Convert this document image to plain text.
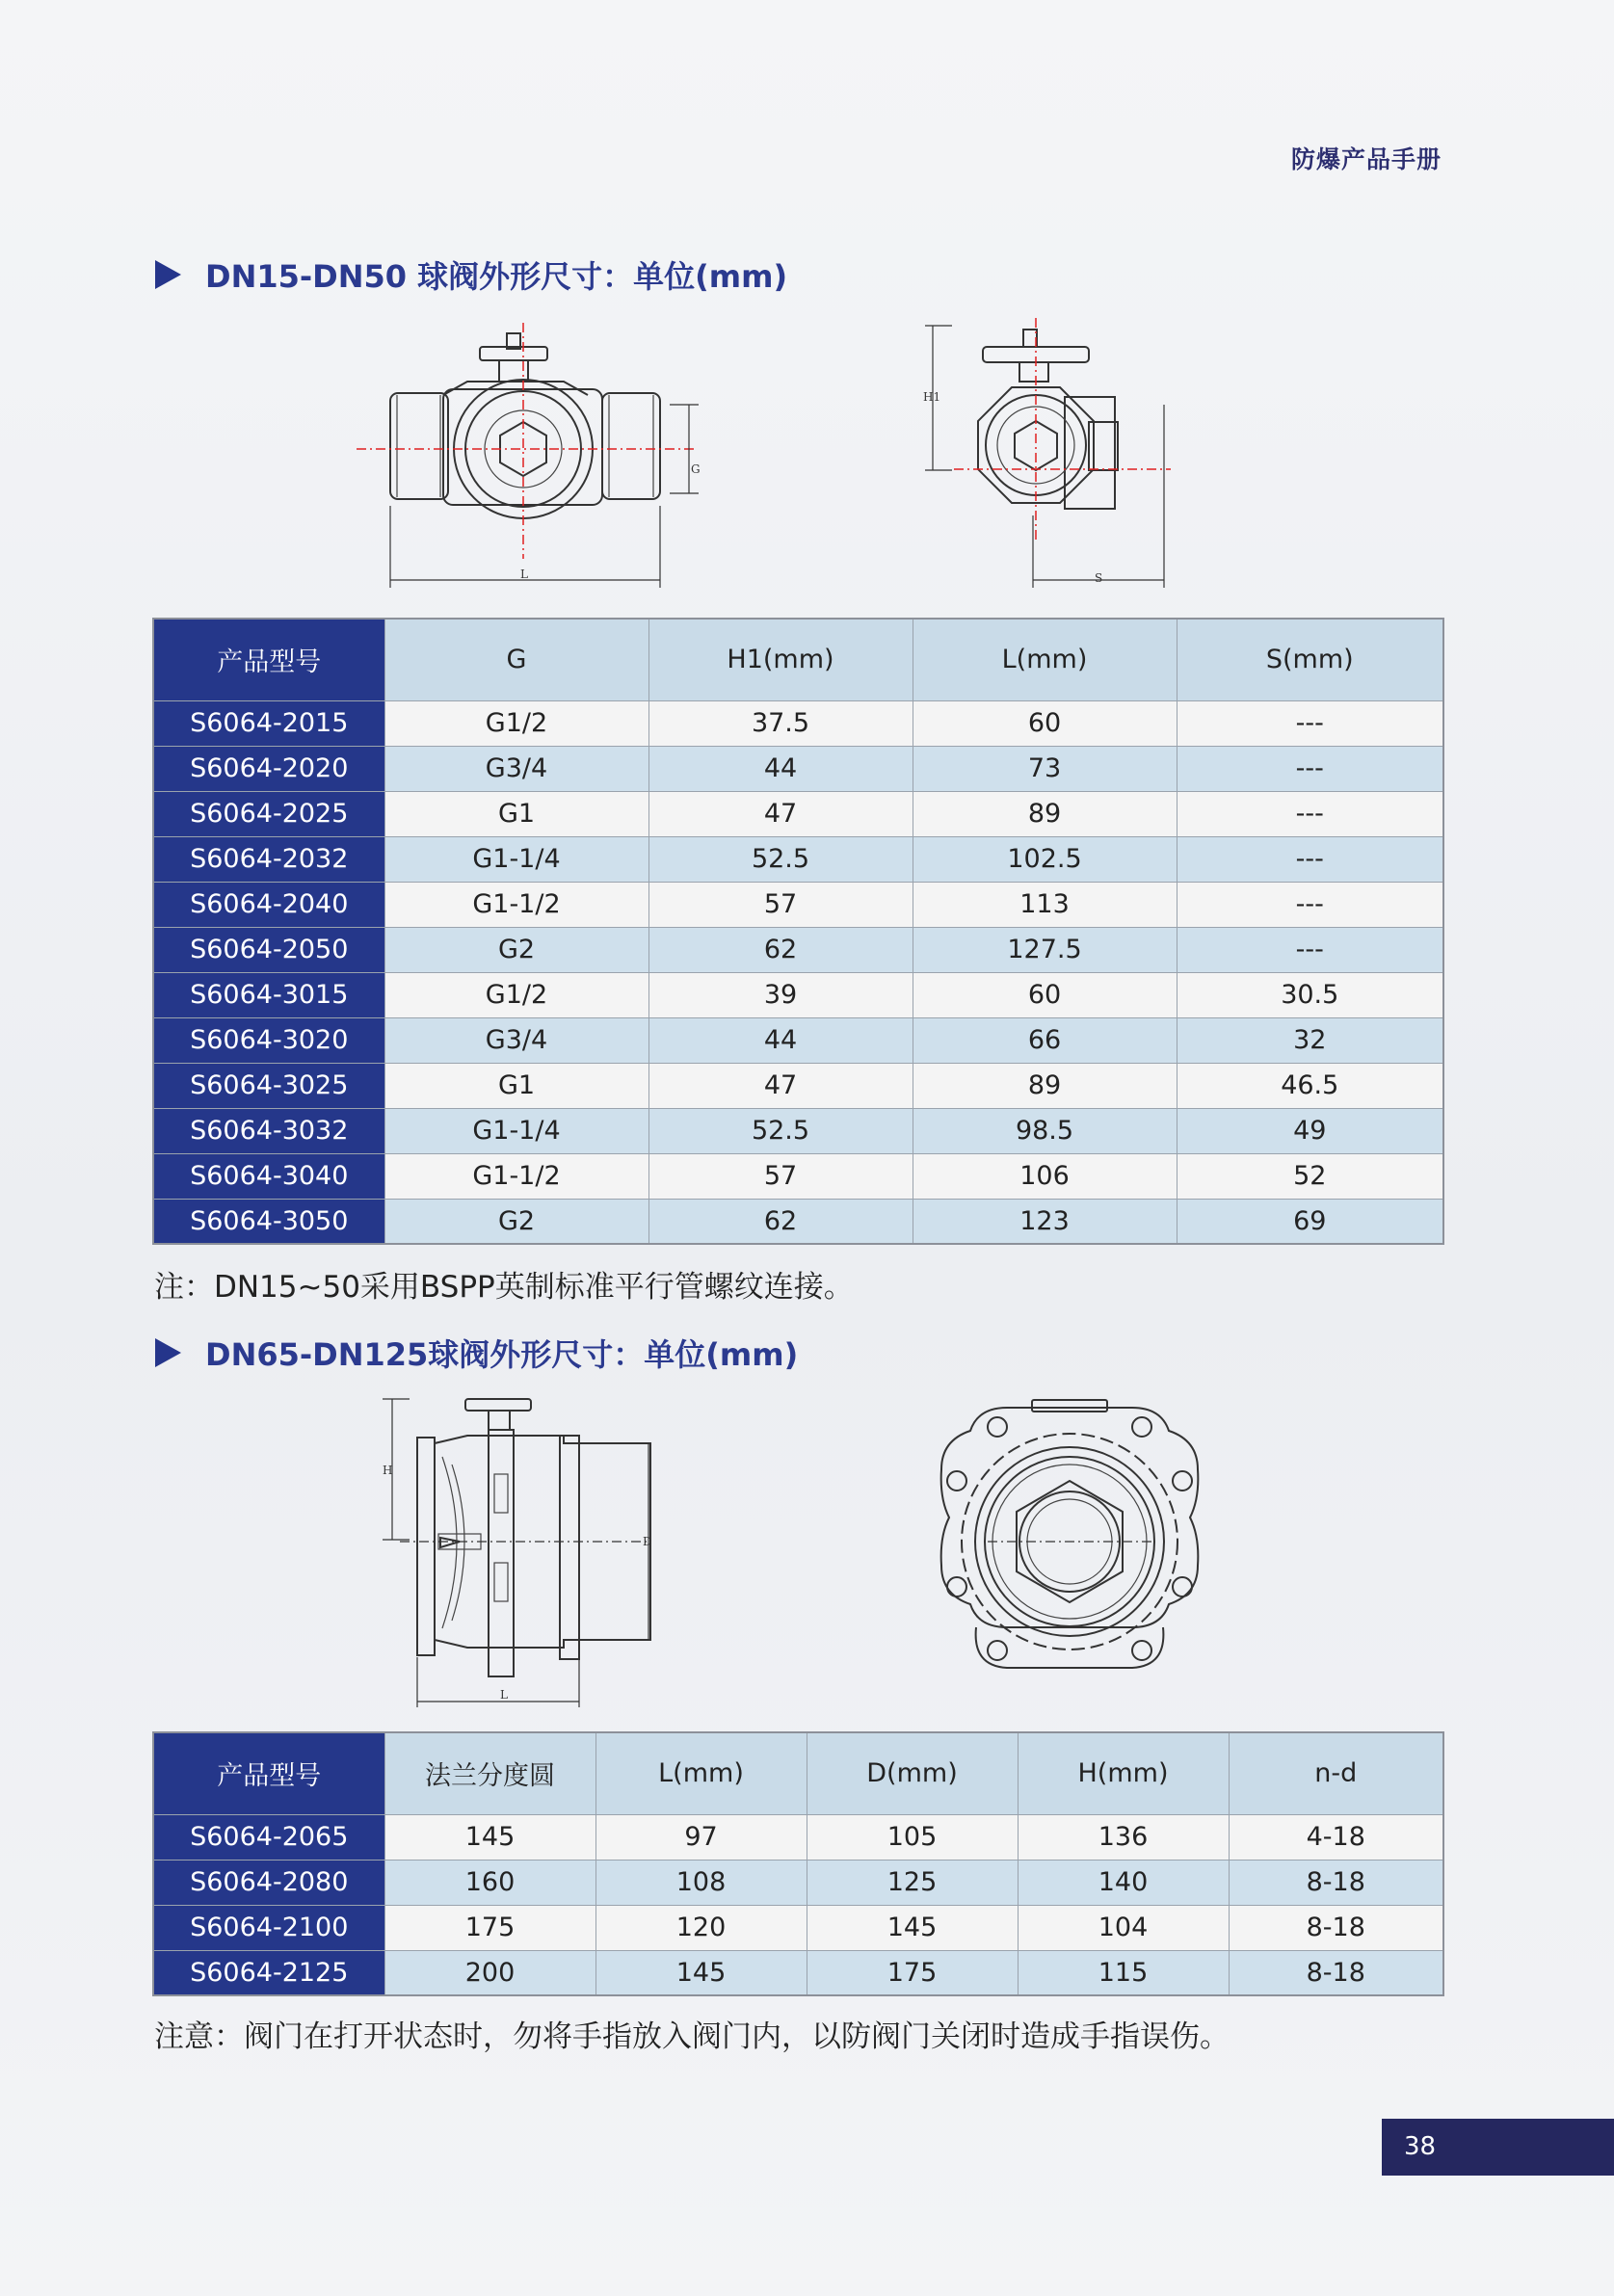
防爆产品手册
DN15-DN50 球阀外形尺寸：单位(mm)
G
L
H1
S
产品型号	G	H1(mm)	L(mm)	S(mm)
S6064-2015	G1/2	37.5	60	---
S6064-2020	G3/4	44	73	---
S6064-2025	G1	47	89	---
S6064-2032	G1-1/4	52.5	102.5	---
S6064-2040	G1-1/2	57	113	---
S6064-2050	G2	62	127.5	---
S6064-3015	G1/2	39	60	30.5
S6064-3020	G3/4	44	66	32
S6064-3025	G1	47	89	46.5
S6064-3032	G1-1/4	52.5	98.5	49
S6064-3040	G1-1/2	57	106	52
S6064-3050	G2	62	123	69
注：DN15~50采用BSPP英制标准平行管螺纹连接。
DN65-DN125球阀外形尺寸：单位(mm)
H
D
L
产品型号	法兰分度圆	L(mm)	D(mm)	H(mm)	n-d
S6064-2065	145	97	105	136	4-18
S6064-2080	160	108	125	140	8-18
S6064-2100	175	120	145	104	8-18
S6064-2125	200	145	175	115	8-18
注意：阀门在打开状态时，勿将手指放入阀门内，以防阀门关闭时造成手指误伤。
38
